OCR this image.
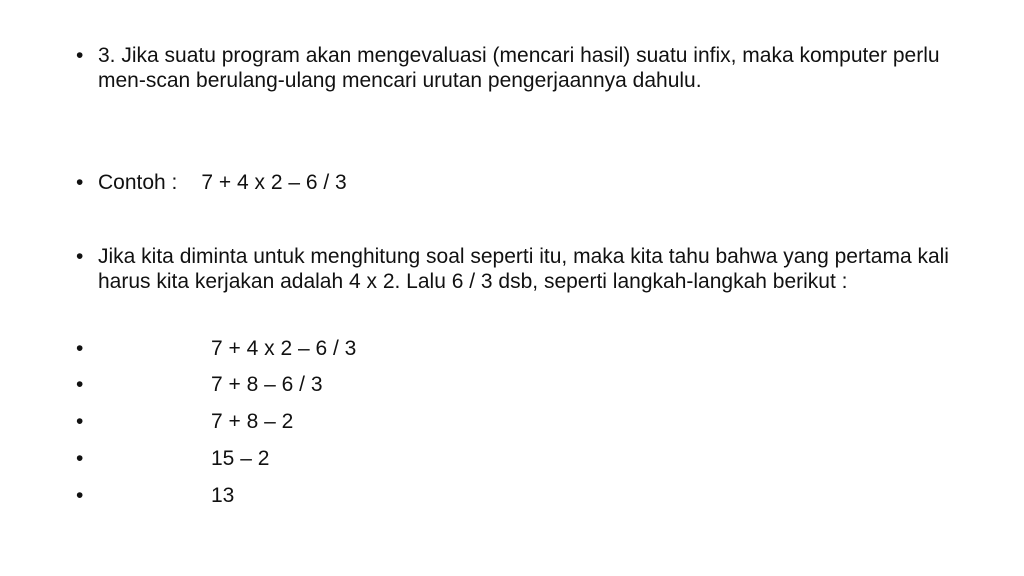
• 3. Jika suatu program akan mengevaluasi (mencari hasil) suatu infix, maka komputer perlu men-scan berulang-ulang mencari urutan pengerjaannya dahulu.
• Contoh : 7 + 4 x 2 – 6 / 3
• Jika kita diminta untuk menghitung soal seperti itu, maka kita tahu bahwa yang pertama kali harus kita kerjakan adalah 4 x 2. Lalu 6 / 3 dsb, seperti langkah-langkah berikut :
•	7 + 4 x 2 – 6 / 3
•	7 + 8 – 6 / 3
•	7 + 8 – 2
•	15 – 2
•	13
